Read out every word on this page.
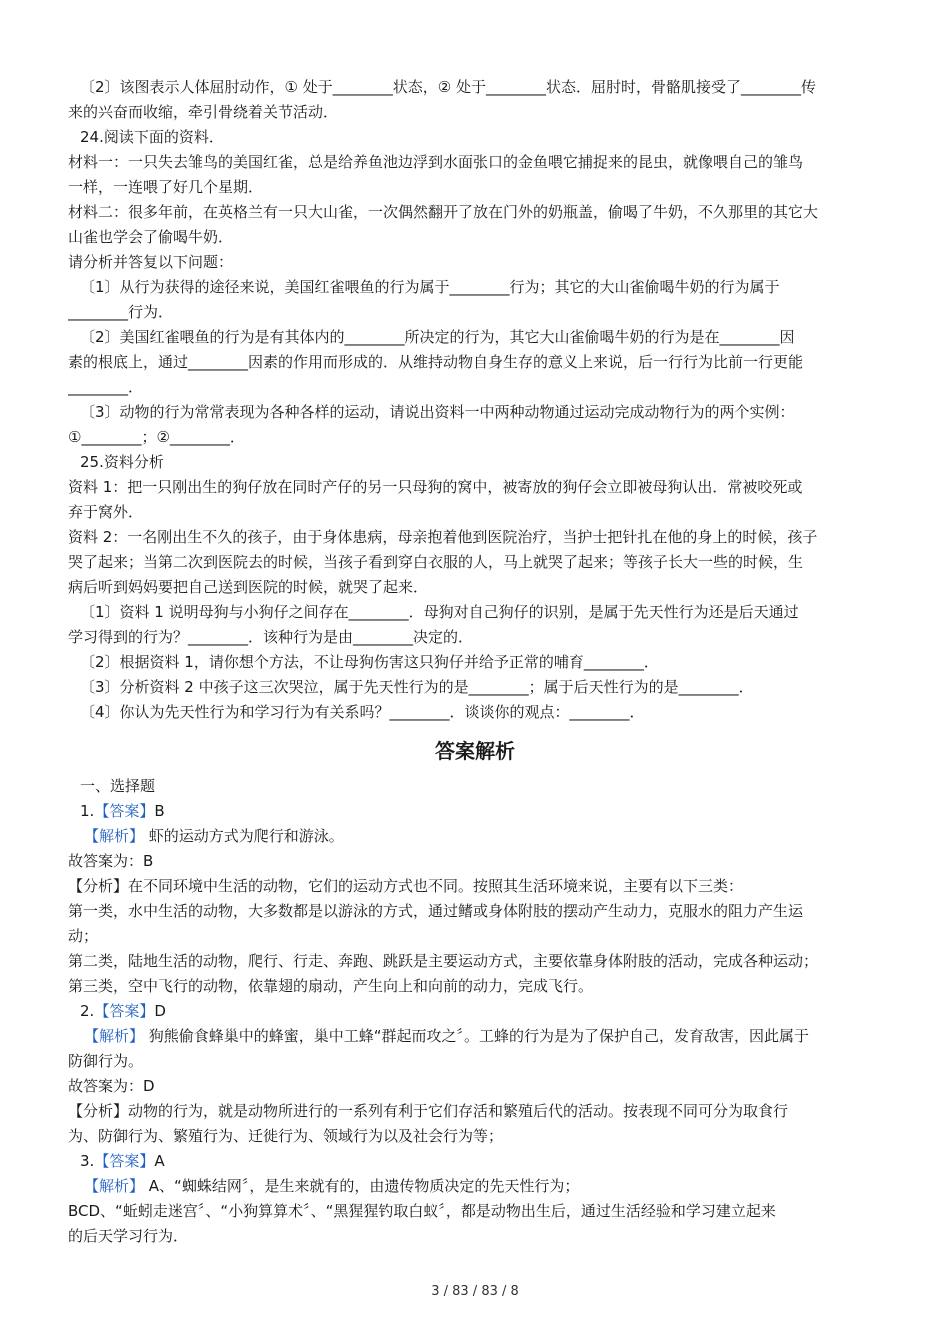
〔2〕该图表示人体屈肘动作，① 处于________状态，② 处于________状态．屈肘时，骨骼肌接受了________传
来的兴奋而收缩，牵引骨绕着关节活动．
24.阅读下面的资料．
材料一：一只失去雏鸟的美国红雀，总是给养鱼池边浮到水面张口的金鱼喂它捕捉来的昆虫，就像喂自己的雏鸟
一样，一连喂了好几个星期．
材料二：很多年前，在英格兰有一只大山雀，一次偶然翻开了放在门外的奶瓶盖，偷喝了牛奶，不久那里的其它大
山雀也学会了偷喝牛奶．
请分析并答复以下问题：
〔1〕从行为获得的途径来说，美国红雀喂鱼的行为属于________行为；其它的大山雀偷喝牛奶的行为属于
________行为．
〔2〕美国红雀喂鱼的行为是有其体内的________所决定的行为，其它大山雀偷喝牛奶的行为是在________因
素的根底上，通过________因素的作用而形成的．从维持动物自身生存的意义上来说，后一行行为比前一行更能
________．
〔3〕动物的行为常常表现为各种各样的运动，请说出资料一中两种动物通过运动完成动物行为的两个实例：
①________；②________．
25.资料分析
资料 1：把一只刚出生的狗仔放在同时产仔的另一只母狗的窝中，被寄放的狗仔会立即被母狗认出．常被咬死或
弃于窝外．
资料 2：一名刚出生不久的孩子，由于身体患病，母亲抱着他到医院治疗，当护士把针扎在他的身上的时候，孩子
哭了起来；当第二次到医院去的时候，当孩子看到穿白衣服的人，马上就哭了起来；等孩子长大一些的时候，生
病后听到妈妈要把自己送到医院的时候，就哭了起来．
〔1〕资料 1 说明母狗与小狗仔之间存在________．母狗对自己狗仔的识别，是属于先天性行为还是后天通过
学习得到的行为？________．该种行为是由________决定的．
〔2〕根据资料 1，请你想个方法，不让母狗伤害这只狗仔并给予正常的哺育________．
〔3〕分析资料 2 中孩子这三次哭泣，属于先天性行为的是________；属于后天性行为的是________．
〔4〕你认为先天性行为和学习行为有关系吗？________．谈谈你的观点：________．
答案解析
一、选择题
1.【答案】B
【解析】 虾的运动方式为爬行和游泳。
故答案为：B
【分析】在不同环境中生活的动物，它们的运动方式也不同。按照其生活环境来说，主要有以下三类：
第一类，水中生活的动物，大多数都是以游泳的方式，通过鳍或身体附肢的摆动产生动力，克服水的阻力产生运
动；
第二类，陆地生活的动物，爬行、行走、奔跑、跳跃是主要运动方式，主要依靠身体附肢的活动，完成各种运动；
第三类，空中飞行的动物，依靠翅的扇动，产生向上和向前的动力，完成飞行。
2.【答案】D
【解析】 狗熊偷食蜂巢中的蜂蜜，巢中工蜂“群起而攻之〞。工蜂的行为是为了保护自己，发育敌害，因此属于
防御行为。
故答案为：D
【分析】动物的行为，就是动物所进行的一系列有利于它们存活和繁殖后代的活动。按表现不同可分为取食行
为、防御行为、繁殖行为、迁徙行为、领域行为以及社会行为等；
3.【答案】A
【解析】 A、“蜘蛛结网〞，是生来就有的，由遗传物质决定的先天性行为；
BCD、“蚯蚓走迷宫〞、“小狗算算术〞、“黑猩猩钓取白蚁〞，都是动物出生后，通过生活经验和学习建立起来
的后天学习行为．
3 / 83 / 83 / 8
